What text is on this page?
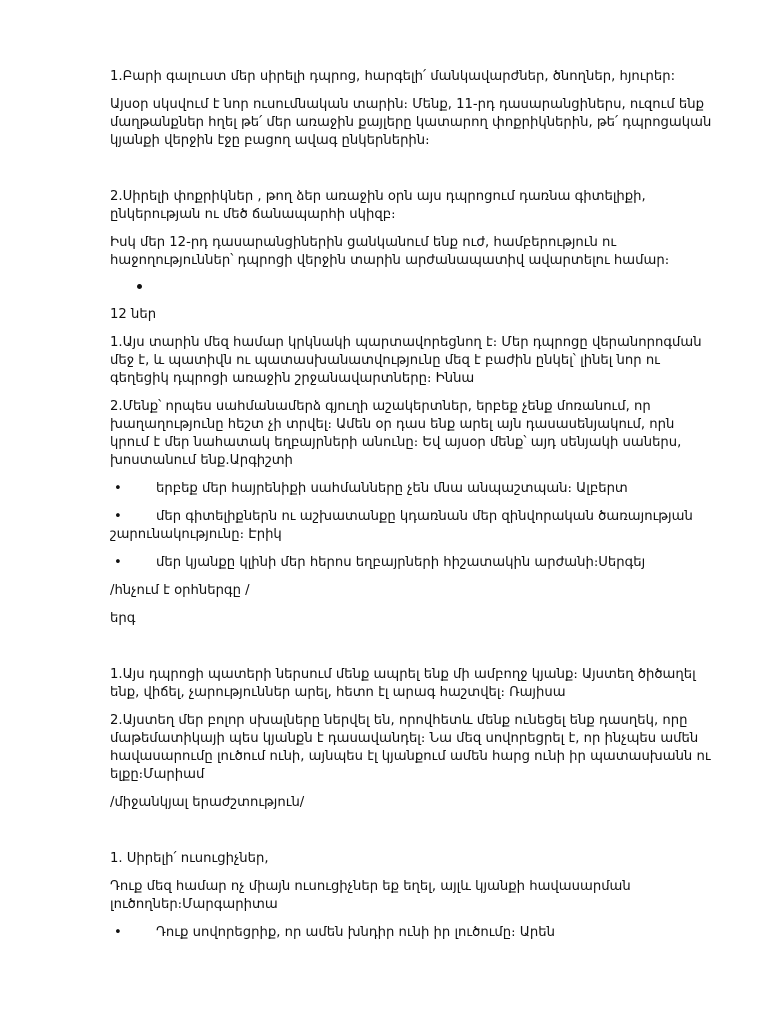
1.Բարի գալուստ մեր սիրելի դպրոց, հարգելի՛ մանկավարժներ, ծնողներ, հյուրեր:

Այսօր սկսվում է նոր ուսումնական տարին։ Մենք, 11-րդ դասարանցիներս, ուզում ենք մաղթանքներ հղել թե՛ մեր առաջին քայլերը կատարող փոքրիկներին, թե՛ դպրոցական կյանքի վերջին էջը բացող ավագ ընկերներին։

2.Սիրելի փոքրիկներ , թող ձեր առաջին օրն այս դպրոցում դառնա գիտելիքի, ընկերության ու մեծ ճանապարհի սկիզբ։

Իսկ մեր 12-րդ դասարանցիներին ցանկանում ենք ուժ, համբերություն ու հաջողություններ՝ դպրոցի վերջին տարին արժանապատիվ ավարտելու համար։

12 ներ

1.Այս տարին մեզ համար կրկնակի պարտավորեցնող է։ Մեր դպրոցը վերանորոգման մեջ է, և պատիվն ու պատասխանատվությունը մեզ է բաժին ընկել՝ լինել նոր ու գեղեցիկ դպրոցի առաջին շրջանավարտները։ Իննա

2.Մենք՝ որպես սահմանամերձ գյուղի աշակերտներ, երբեք չենք մոռանում, որ խաղաղությունը հեշտ չի տրվել։ Ամեն օր դաս ենք արել այն դասասենյակում, որն կրում է մեր նահատակ եղբայրների անունը։ Եվ այսօր մենք՝ այդ սենյակի սաներս, խոստանում ենք.Արգիշտի

•	երբեք մեր հայրենիքի սահմանները չեն մնա անպաշտպան։ Ալբերտ

•	մեր գիտելիքներն ու աշխատանքը կդառնան մեր զինվորական ծառայության շարունակությունը։ Էրիկ

•	մեր կյանքը կլինի մեր հերոս եղբայրների հիշատակին արժանի։Սերգեյ

/հնչում է օրհներգը /

երգ

1.Այս դպրոցի պատերի ներսում մենք ապրել ենք մի ամբողջ կյանք։ Այստեղ ծիծաղել ենք, վիճել, չարություններ արել, հետո էլ արագ հաշտվել։ Ռայիսա

2.Այստեղ մեր բոլոր սխալները ներվել են, որովհետև մենք ունեցել ենք դասղեկ, որը մաթեմատիկայի պես կյանքն է դասավանդել։ Նա մեզ սովորեցրել է, որ ինչպես ամեն հավասարումը լուծում ունի, այնպես էլ կյանքում ամեն հարց ունի իր պատասխանն ու ելքը։Մարիամ

/միջանկյալ երաժշտություն/

1. Սիրելի՛ ուսուցիչներ,

Դուք մեզ համար ոչ միայն ուսուցիչներ եք եղել, այլև կյանքի հավասարման լուծողներ։Մարգարիտա

•	Դուք սովորեցրիք, որ ամեն խնդիր ունի իր լուծումը։ Արեն
